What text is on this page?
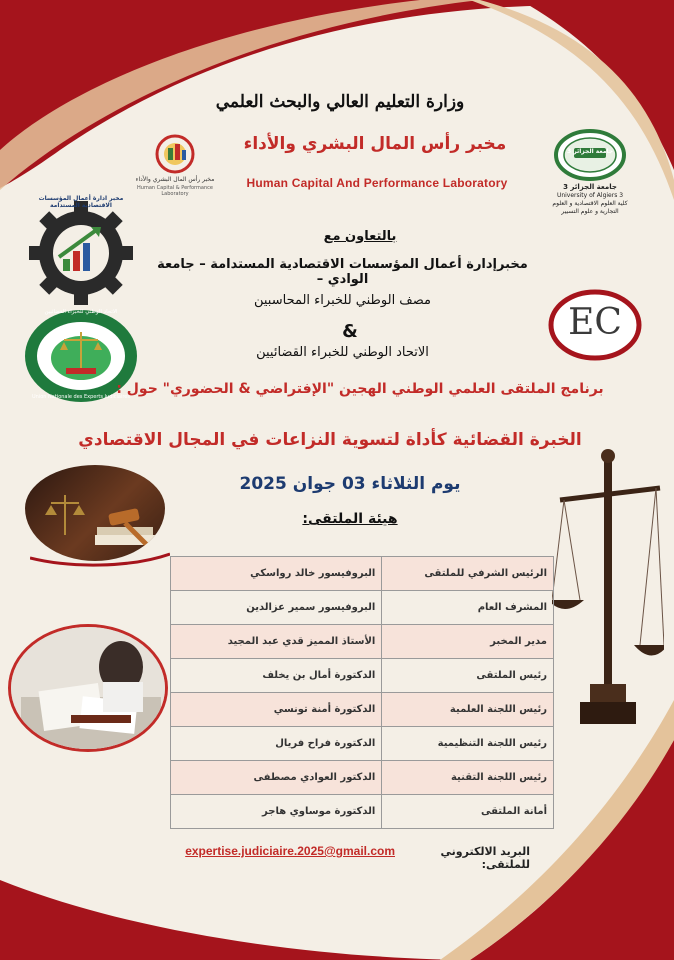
وزارة التعليم العالي والبحث العلمي
مخبر رأس المال البشري والأداء
Human Capital & Performance Laboratory
مخبر رأس المال البشري والأداء
Human Capital And Performance Laboratory
جامعة الجزائر 3
جامعة الجزائر 3
University of Algiers 3
كلية العلوم الاقتصادية و العلوم
التجارية و علوم التسيير
مخبر ادارة أعمال المؤسسات الاقتصادية المستدامة
الاتحاد الوطني للخبراء القضائيين
Union Nationale des Experts Judiciaires
EC
بالتعاون مع
مخبرإدارة أعمال المؤسسات الاقتصادية المستدامة – جامعة الوادي –
مصف الوطني للخبراء المحاسبين
&
الاتحاد الوطني للخبراء القضائيين
برنامج الملتقى العلمي الوطني الهجين "الإفتراضي & الحضوري" حول :
الخبرة القضائية كأداة لتسوية النزاعات في المجال الاقتصادي
يوم الثلاثاء 03 جوان 2025
هيئة الملتقى:
الرئيس الشرفي للملتقى	البروفيسور خالد رواسكي
المشرف العام	البروفيسور سمير عزالدين
مدير المخبر	الأستاذ المميز قدي عبد المجيد
رئيس الملتقى	الدكتورة أمال بن يخلف
رئيس اللجنة العلمية	الدكتورة أمنة تونسي
رئيس اللجنة التنظيمية	الدكتورة فراح فريال
رئيس اللجنة التقنية	الدكتور العوادي مصطفى
أمانة الملتقى	الدكتورة موساوي هاجر
البريد الالكتروني للملتقى:
expertise.judiciaire.2025@gmail.com
